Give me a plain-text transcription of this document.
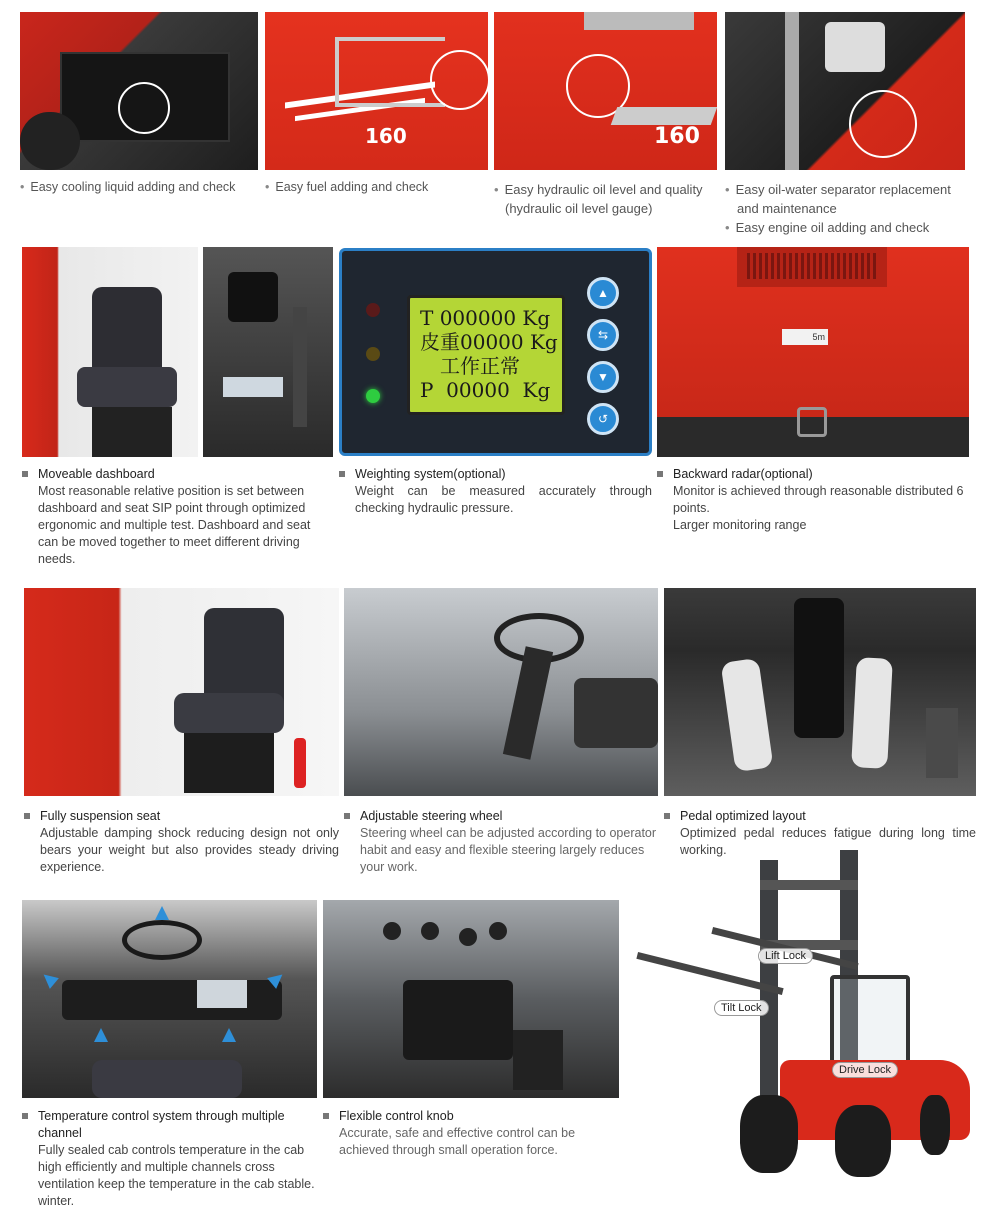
160	160
• Easy cooling liquid adding and check	• Easy fuel adding and check	• Easy hydraulic oil level and quality
(hydraulic oil level gauge)
• Easy oil-water separator replacement
and maintenance
• Easy engine oil adding and check
T 000000 Kg
皮重00000 Kg
工作正常
P  00000  Kg
▲
⇆
▼
↺
5m
Moveable dashboard
Most reasonable relative position is set between dashboard and seat SIP point through optimized ergonomic and multiple test. Dashboard and seat can be moved together to meet different driving needs.
Weighting system(optional)
Weight can be measured accurately through checking hydraulic pressure.
Backward radar(optional)
Monitor is achieved through reasonable distributed 6 points.
Larger monitoring range
Fully suspension seat
Adjustable damping shock reducing design not only bears your weight but also provides steady driving experience.
Adjustable steering wheel
Steering wheel can be adjusted according to operator habit and easy and flexible steering largely reduces your work.
Pedal optimized layout
Optimized pedal reduces fatigue during long time working.
Temperature control system through multiple channel
Fully sealed cab controls temperature in the cab high efficiently and multiple channels cross ventilation keep the temperature in the cab stable. winter.
Flexible control knob
Accurate, safe and effective control can be achieved through small operation force.
Lift Lock
Tilt Lock
Drive Lock
